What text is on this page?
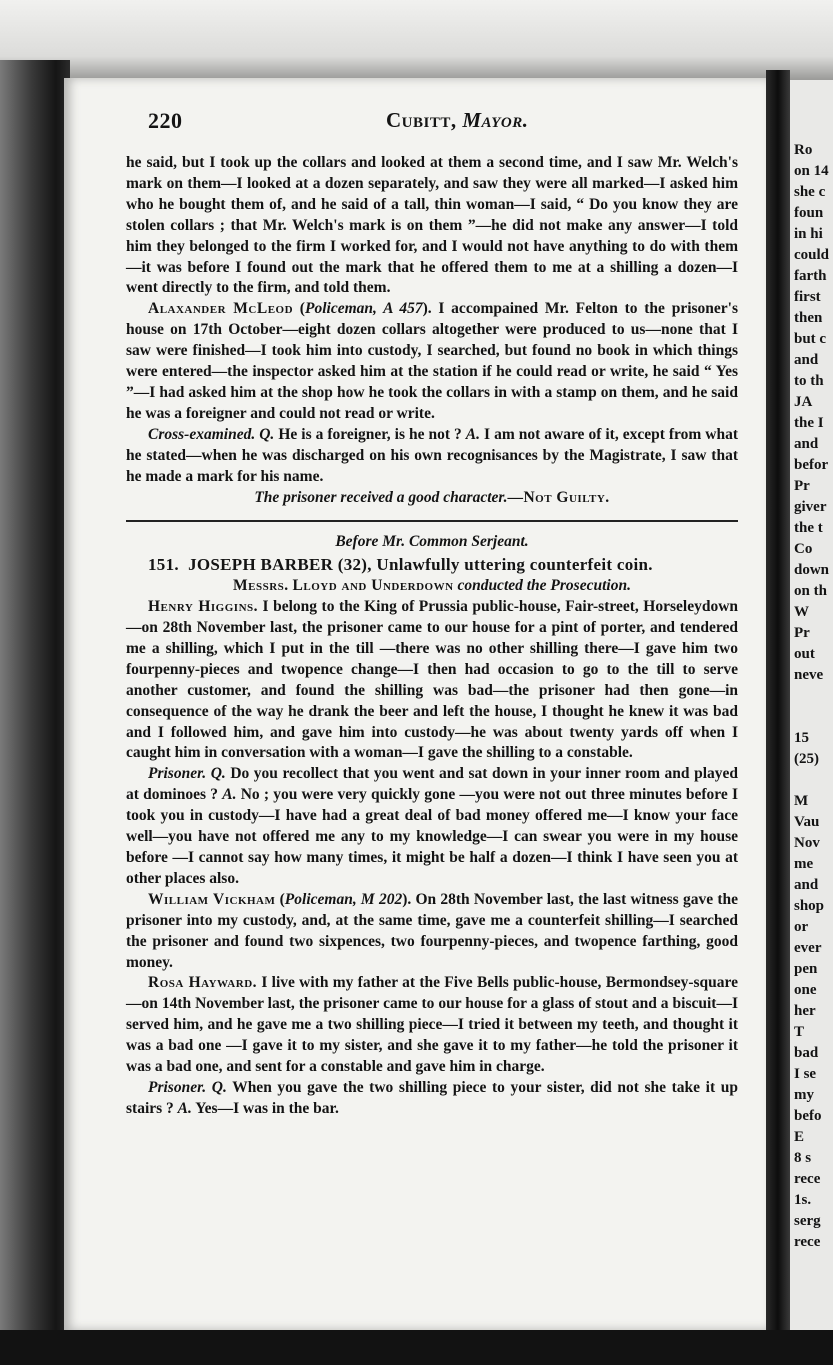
220	Cubitt, Mayor.

he said, but I took up the collars and looked at them a second time, and I saw Mr. Welch's mark on them—I looked at a dozen separately, and saw they were all marked—I asked him who he bought them of, and he said of a tall, thin woman—I said, “ Do you know they are stolen collars ; that Mr. Welch's mark is on them ”—he did not make any answer—I told him they belonged to the firm I worked for, and I would not have anything to do with them—it was before I found out the mark that he offered them to me at a shilling a dozen—I went directly to the firm, and told them.

Alaxander McLeod (Policeman, A 457). I accompained Mr. Felton to the prisoner's house on 17th October—eight dozen collars altogether were produced to us—none that I saw were finished—I took him into custody, I searched, but found no book in which things were entered—the inspector asked him at the station if he could read or write, he said “ Yes ”—I had asked him at the shop how he took the collars in with a stamp on them, and he said he was a foreigner and could not read or write.

Cross-examined. Q. He is a foreigner, is he not ? A. I am not aware of it, except from what he stated—when he was discharged on his own recognisances by the Magistrate, I saw that he made a mark for his name.

The prisoner received a good character.—Not Guilty.

Before Mr. Common Serjeant.

151. JOSEPH BARBER (32), Unlawfully uttering counterfeit coin.

Messrs. Lloyd and Underdown conducted the Prosecution.

Henry Higgins. I belong to the King of Prussia public-house, Fair-street, Horseleydown—on 28th November last, the prisoner came to our house for a pint of porter, and tendered me a shilling, which I put in the till —there was no other shilling there—I gave him two fourpenny-pieces and twopence change—I then had occasion to go to the till to serve another customer, and found the shilling was bad—the prisoner had then gone—in consequence of the way he drank the beer and left the house, I thought he knew it was bad and I followed him, and gave him into custody—he was about twenty yards off when I caught him in conversation with a woman—I gave the shilling to a constable.

Prisoner. Q. Do you recollect that you went and sat down in your inner room and played at dominoes ? A. No ; you were very quickly gone —you were not out three minutes before I took you in custody—I have had a great deal of bad money offered me—I know your face well—you have not offered me any to my knowledge—I can swear you were in my house before —I cannot say how many times, it might be half a dozen—I think I have seen you at other places also.

William Vickham (Policeman, M 202). On 28th November last, the last witness gave the prisoner into my custody, and, at the same time, gave me a counterfeit shilling—I searched the prisoner and found two sixpences, two fourpenny-pieces, and twopence farthing, good money.

Rosa Hayward. I live with my father at the Five Bells public-house, Bermondsey-square—on 14th November last, the prisoner came to our house for a glass of stout and a biscuit—I served him, and he gave me a two shilling piece—I tried it between my teeth, and thought it was a bad one —I gave it to my sister, and she gave it to my father—he told the prisoner it was a bad one, and sent for a constable and gave him in charge.

Prisoner. Q. When you gave the two shilling piece to your sister, did not she take it up stairs ? A. Yes—I was in the bar.

Ro
on 14
she c
foun
in hi
could
farth
first
then
but c
and
to th
JA
the I
and
befor
Pr
giver
the t
Co
down
on th
W
Pr
out
neve

15
(25)

M
Vau
Nov
me
and
shop
or
ever
pen
one
her
T
bad
I se
my
befo
E
8 s
rece
1s.
serg
rece
